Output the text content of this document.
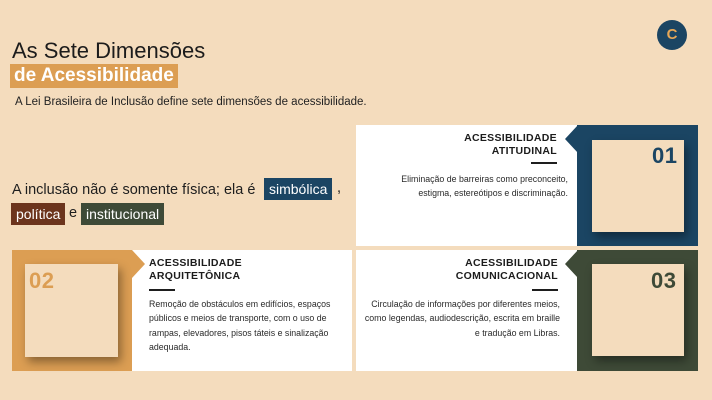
As Sete Dimensões
de Acessibilidade
A Lei Brasileira de Inclusão define sete dimensões de acessibilidade.
C
A inclusão não é somente física; ela é simbólica ,
política e institucional
01
ACESSIBILIDADE
ATITUDINAL
Eliminação de barreiras como preconceito, estigma, estereótipos e discriminação.
02
ACESSIBILIDADE
ARQUITETÔNICA
Remoção de obstáculos em edifícios, espaços públicos e meios de transporte, com o uso de rampas, elevadores, pisos táteis e sinalização adequada.
03
ACESSIBILIDADE
COMUNICACIONAL
Circulação de informações por diferentes meios, como legendas, audiodescrição, escrita em braille e tradução em Libras.
